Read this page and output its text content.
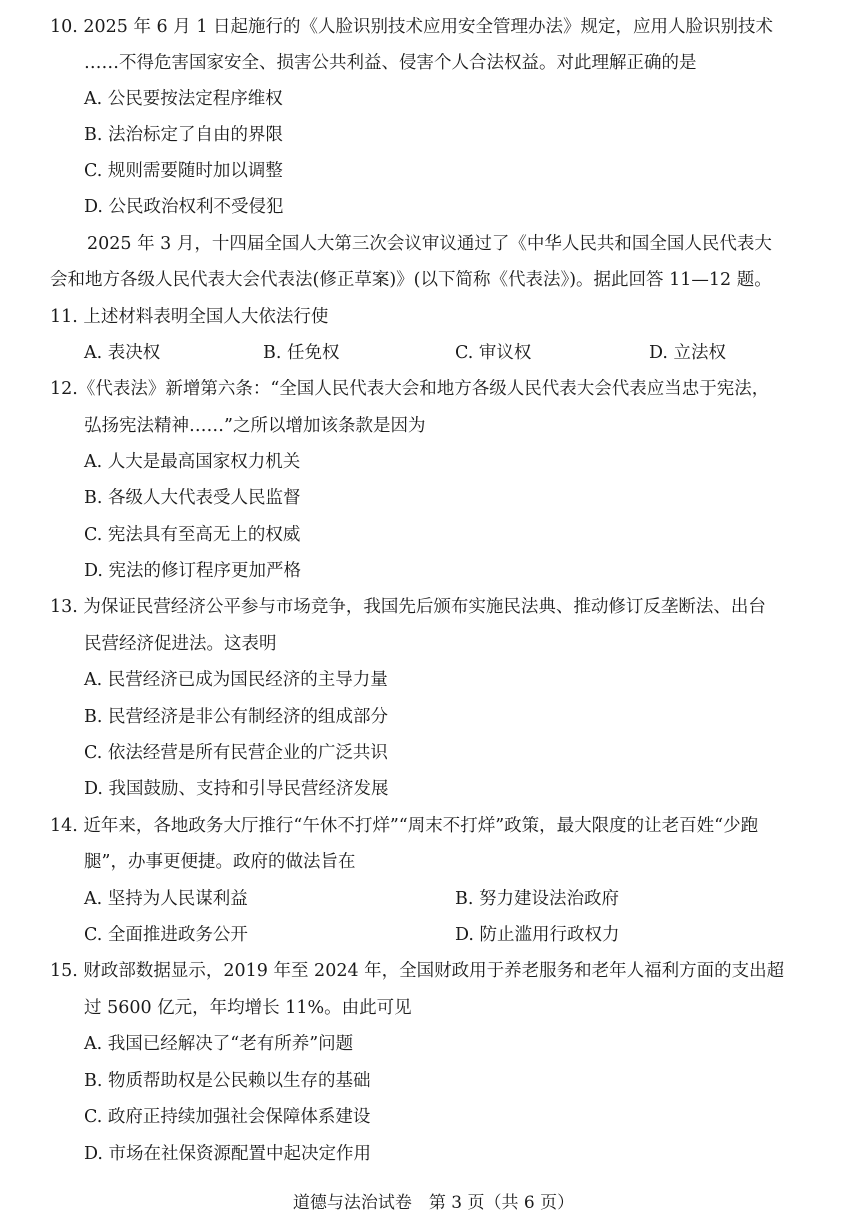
10. 2025 年 6 月 1 日起施行的《人脸识别技术应用安全管理办法》规定，应用人脸识别技术
……不得危害国家安全、损害公共利益、侵害个人合法权益。对此理解正确的是
A. 公民要按法定程序维权
B. 法治标定了自由的界限
C. 规则需要随时加以调整
D. 公民政治权利不受侵犯
2025 年 3 月，十四届全国人大第三次会议审议通过了《中华人民共和国全国人民代表大
会和地方各级人民代表大会代表法(修正草案)》(以下简称《代表法》)。据此回答 11—12 题。
11. 上述材料表明全国人大依法行使
A. 表决权	B. 任免权	C. 审议权	D. 立法权
12.《代表法》新增第六条：“全国人民代表大会和地方各级人民代表大会代表应当忠于宪法，
弘扬宪法精神……”之所以增加该条款是因为
A. 人大是最高国家权力机关
B. 各级人大代表受人民监督
C. 宪法具有至高无上的权威
D. 宪法的修订程序更加严格
13. 为保证民营经济公平参与市场竞争，我国先后颁布实施民法典、推动修订反垄断法、出台
民营经济促进法。这表明
A. 民营经济已成为国民经济的主导力量
B. 民营经济是非公有制经济的组成部分
C. 依法经营是所有民营企业的广泛共识
D. 我国鼓励、支持和引导民营经济发展
14. 近年来，各地政务大厅推行“午休不打烊”“周末不打烊”政策，最大限度的让老百姓“少跑
腿”，办事更便捷。政府的做法旨在
A. 坚持为人民谋利益	B. 努力建设法治政府
C. 全面推进政务公开	D. 防止滥用行政权力
15. 财政部数据显示，2019 年至 2024 年，全国财政用于养老服务和老年人福利方面的支出超
过 5600 亿元，年均增长 11%。由此可见
A. 我国已经解决了“老有所养”问题
B. 物质帮助权是公民赖以生存的基础
C. 政府正持续加强社会保障体系建设
D. 市场在社保资源配置中起决定作用
道德与法治试卷　第 3 页（共 6 页）
